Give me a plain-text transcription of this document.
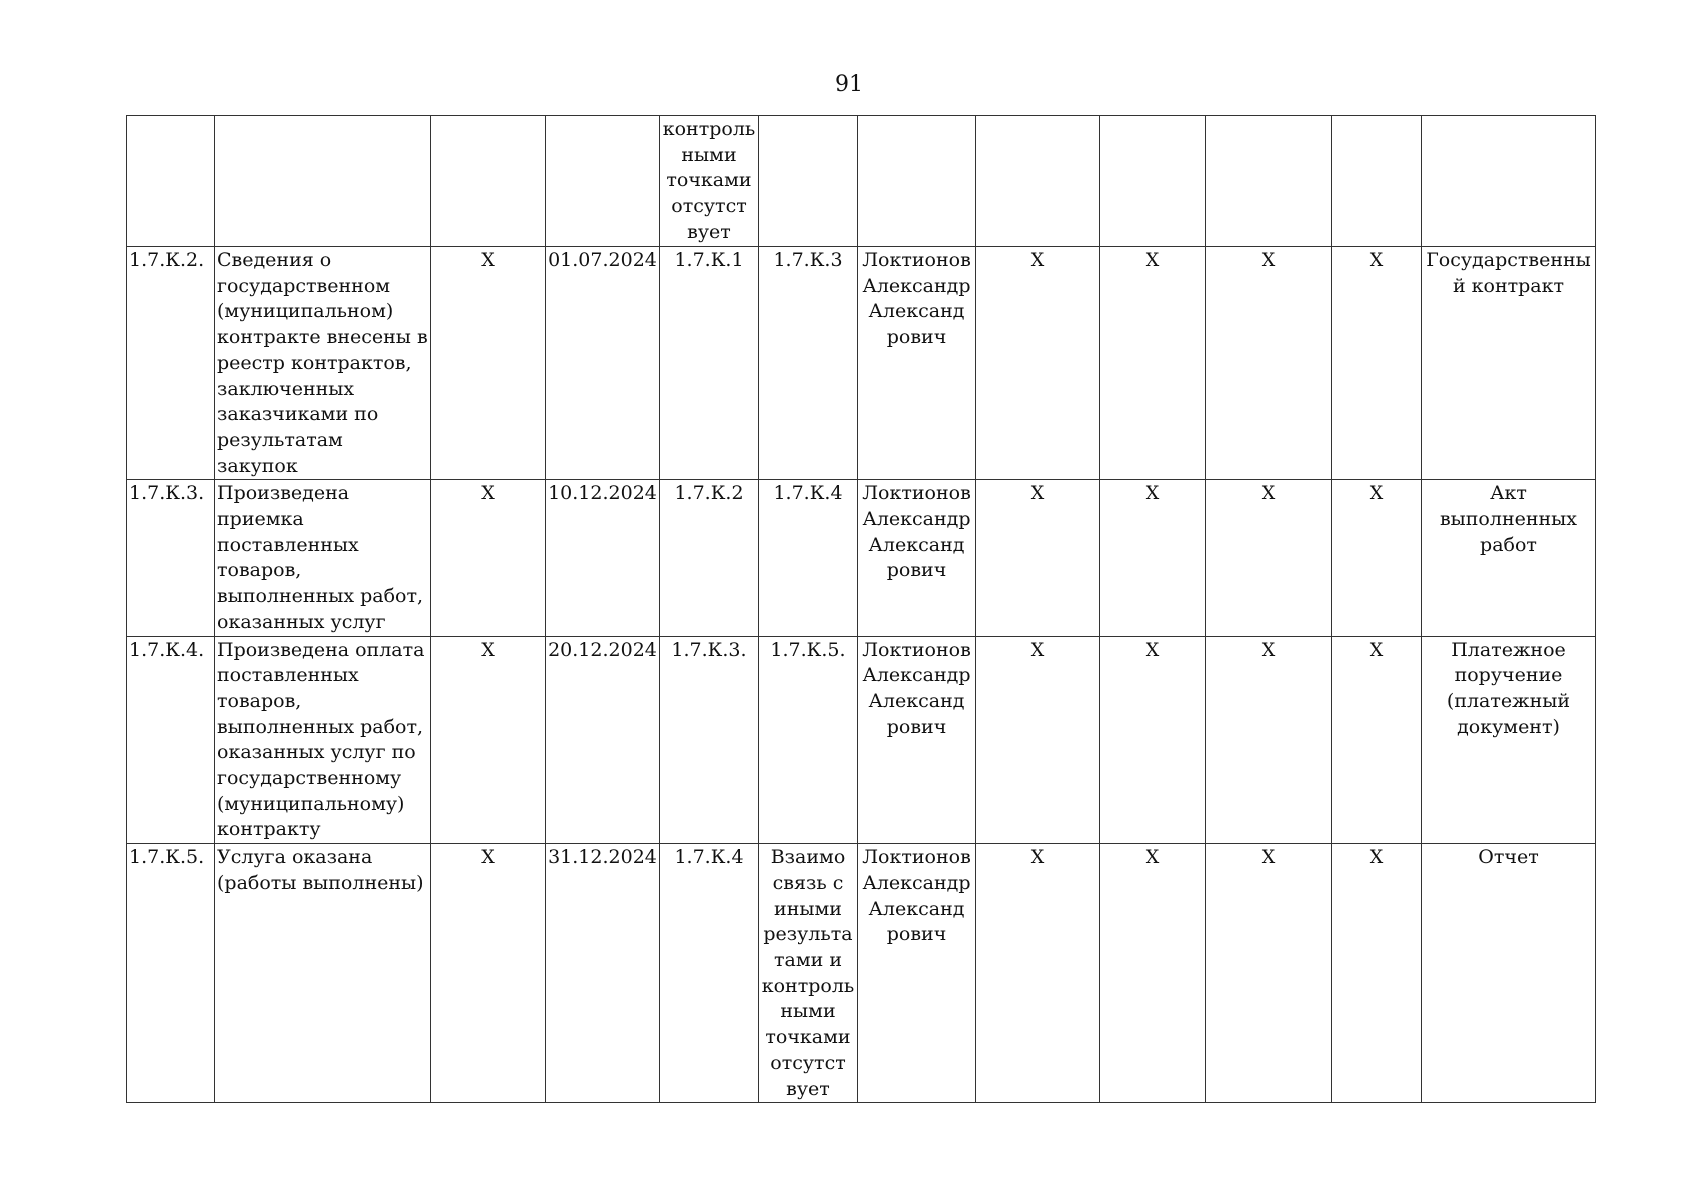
91
				контроль ными точками отсутст вует							
1.7.К.2.	Сведения о государственном (муниципальном) контракте внесены в реестр контрактов, заключенных заказчиками по результатам закупок	X	01.07.2024	1.7.К.1	1.7.К.3	Локтионов Александр Александ рович	X	X	X	X	Государственный контракт
1.7.К.3.	Произведена приемка поставленных товаров, выполненных работ, оказанных услуг	X	10.12.2024	1.7.К.2	1.7.К.4	Локтионов Александр Александ рович	X	X	X	X	Акт выполненных работ
1.7.К.4.	Произведена оплата поставленных товаров, выполненных работ, оказанных услуг по государственному (муниципальному) контракту	X	20.12.2024	1.7.К.3.	1.7.К.5.	Локтионов Александр Александ рович	X	X	X	X	Платежное поручение (платежный документ)
1.7.К.5.	Услуга оказана (работы выполнены)	X	31.12.2024	1.7.К.4	Взаимо связь с иными результа тами и контроль ными точками отсутст вует	Локтионов Александр Александ рович	X	X	X	X	Отчет
